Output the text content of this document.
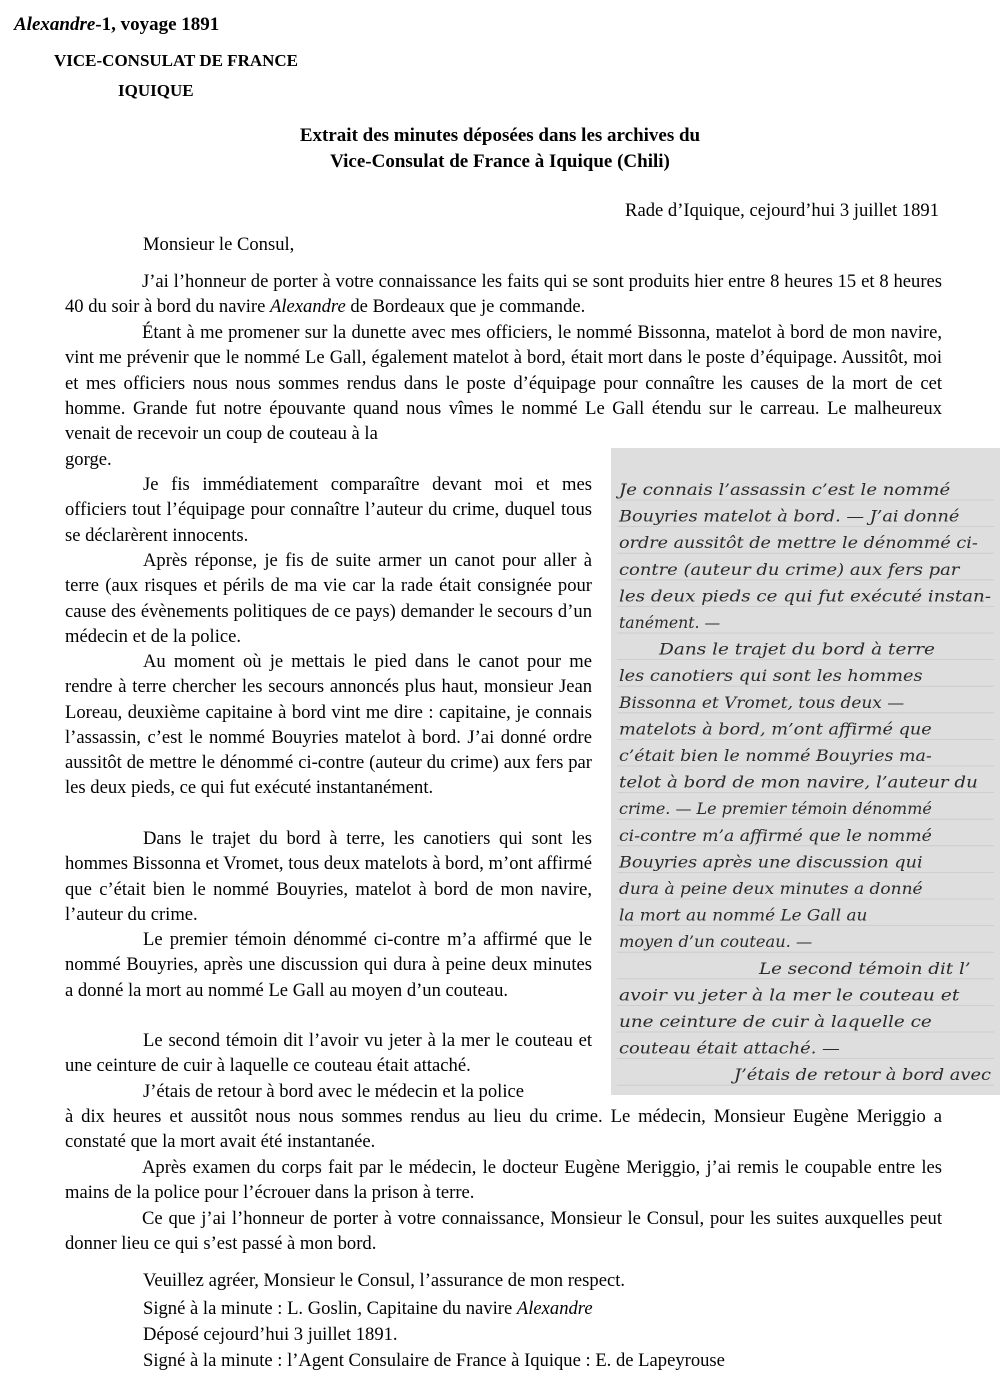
Alexandre-1, voyage 1891
VICE-CONSULAT DE FRANCE
IQUIQUE
Extrait des minutes déposées dans les archives du
Vice-Consulat de France à Iquique (Chili)
Rade d’Iquique, cejourd’hui 3 juillet 1891
Monsieur le Consul,

J’ai l’honneur de porter à votre connaissance les faits qui se sont produits hier entre 8 heures 15 et 8 heures 40 du soir à bord du navire Alexandre de Bordeaux que je commande.

Étant à me promener sur la dunette avec mes officiers, le nommé Bissonna, matelot à bord de mon navire, vint me prévenir que le nommé Le Gall, également matelot à bord, était mort dans le poste d’équipage. Aussitôt, moi et mes officiers nous nous sommes rendus dans le poste d’équipage pour connaître les causes de la mort de cet homme. Grande fut notre épouvante quand nous vîmes le nommé Le Gall étendu sur le carreau. Le malheureux venait de recevoir un coup de couteau à la

gorge.

Je fis immédiatement comparaître devant moi et mes officiers tout l’équipage pour connaître l’auteur du crime, duquel tous se déclarèrent innocents.

Après réponse, je fis de suite armer un canot pour aller à terre (aux risques et périls de ma vie car la rade était consignée pour cause des évènements politiques de ce pays) demander le secours d’un médecin et de la police.

Au moment où je mettais le pied dans le canot pour me rendre à terre chercher les secours annoncés plus haut, monsieur Jean Loreau, deuxième capitaine à bord vint me dire : capitaine, je connais l’assassin, c’est le nommé Bouyries matelot à bord. J’ai donné ordre aussitôt de mettre le dénommé ci-contre (auteur du crime) aux fers par les deux pieds, ce qui fut exécuté instantanément.

Dans le trajet du bord à terre, les canotiers qui sont les hommes Bissonna et Vromet, tous deux matelots à bord, m’ont affirmé que c’était bien le nommé Bouyries, matelot à bord de mon navire, l’auteur du crime.

Le premier témoin dénommé ci-contre m’a affirmé que le nommé Bouyries, après une discussion qui dura à peine deux minutes a donné la mort au nommé Le Gall au moyen d’un couteau.

Le second témoin dit l’avoir vu jeter à la mer le couteau et une ceinture de cuir à laquelle ce couteau était attaché.

J’étais de retour à bord avec le médecin et la police

à dix heures et aussitôt nous nous sommes rendus au lieu du crime. Le médecin, Monsieur Eugène Meriggio a constaté que la mort avait été instantanée.

Après examen du corps fait par le médecin, le docteur Eugène Meriggio, j’ai remis le coupable entre les mains de la police pour l’écrouer dans la prison à terre.

Ce que j’ai l’honneur de porter à votre connaissance, Monsieur le Consul, pour les suites auxquelles peut donner lieu ce qui s’est passé à mon bord.

Veuillez agréer, Monsieur le Consul, l’assurance de mon respect.
Signé à la minute : L. Goslin, Capitaine du navire Alexandre
Déposé cejourd’hui 3 juillet 1891.
Signé à la minute : l’Agent Consulaire de France à Iquique : E. de Lapeyrouse
Je connais l’assassin c’est le nommé
Bouyries matelot à bord. — J’ai donné
ordre aussitôt de mettre le dénommé ci-
contre (auteur du crime) aux fers par
les deux pieds ce qui fut exécuté instan-
tanément. —
Dans le trajet du bord à terre
les canotiers qui sont les hommes
Bissonna et Vromet, tous deux —
matelots à bord, m’ont affirmé que
c’était bien le nommé Bouyries ma-
telot à bord de mon navire, l’auteur du
crime. — Le premier témoin dénommé
ci-contre m’a affirmé que le nommé
Bouyries après une discussion qui
dura à peine deux minutes a donné
la mort au nommé Le Gall au
moyen d’un couteau. —
Le second témoin dit l’
avoir vu jeter à la mer le couteau et
une ceinture de cuir à laquelle ce
couteau était attaché. —
J’étais de retour à bord avec
